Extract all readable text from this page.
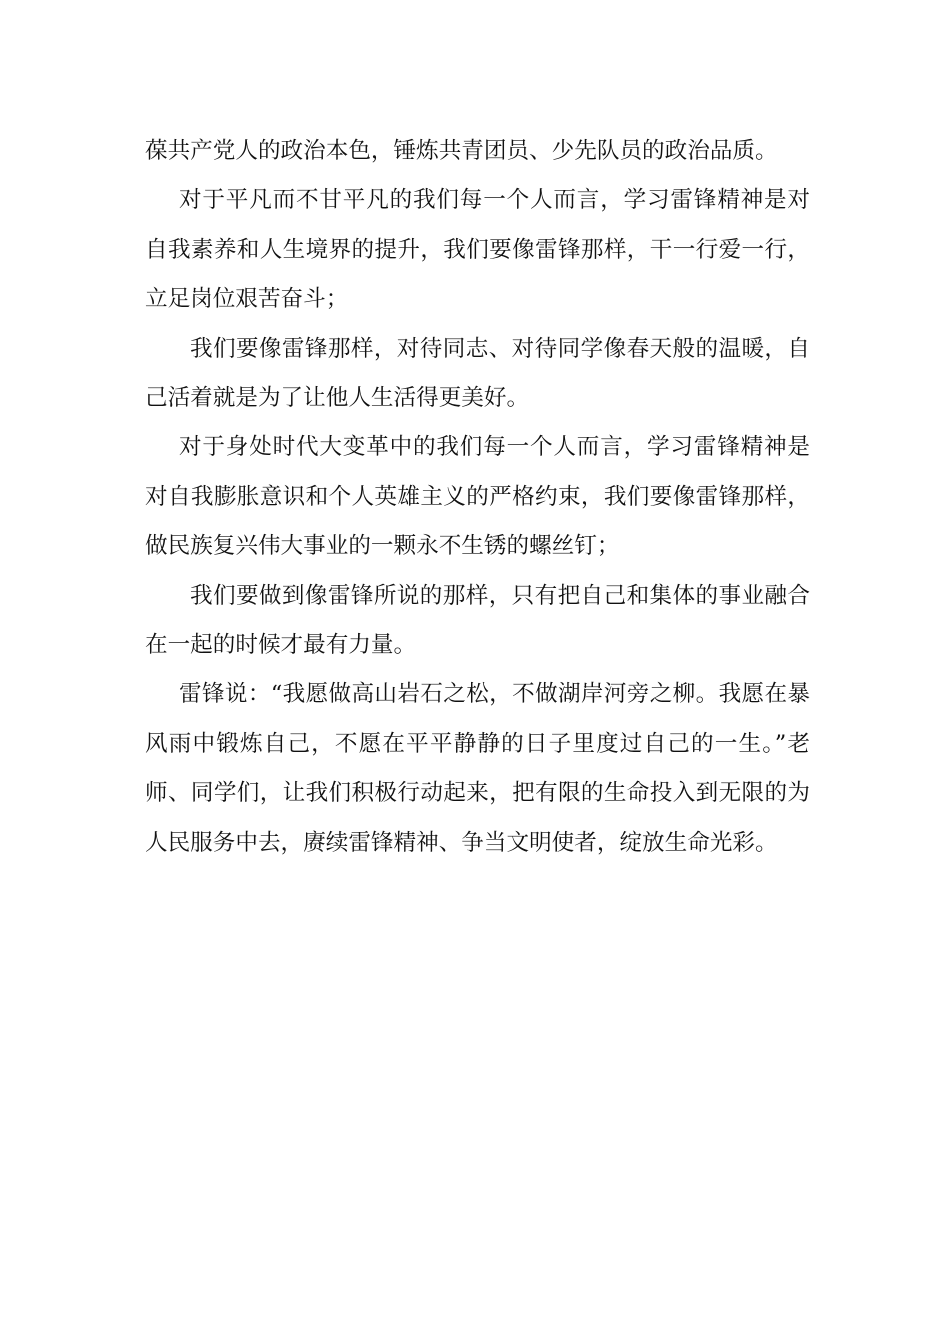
葆共产党人的政治本色，锤炼共青团员、少先队员的政治品质。

对于平凡而不甘平凡的我们每一个人而言，学习雷锋精神是对自我素养和人生境界的提升，我们要像雷锋那样，干一行爱一行，立足岗位艰苦奋斗；

我们要像雷锋那样，对待同志、对待同学像春天般的温暖，自己活着就是为了让他人生活得更美好。

对于身处时代大变革中的我们每一个人而言，学习雷锋精神是对自我膨胀意识和个人英雄主义的严格约束，我们要像雷锋那样，做民族复兴伟大事业的一颗永不生锈的螺丝钉；

我们要做到像雷锋所说的那样，只有把自己和集体的事业融合在一起的时候才最有力量。

雷锋说：“我愿做高山岩石之松，不做湖岸河旁之柳。我愿在暴风雨中锻炼自己，不愿在平平静静的日子里度过自己的一生。”老师、同学们，让我们积极行动起来，把有限的生命投入到无限的为人民服务中去，赓续雷锋精神、争当文明使者，绽放生命光彩。
